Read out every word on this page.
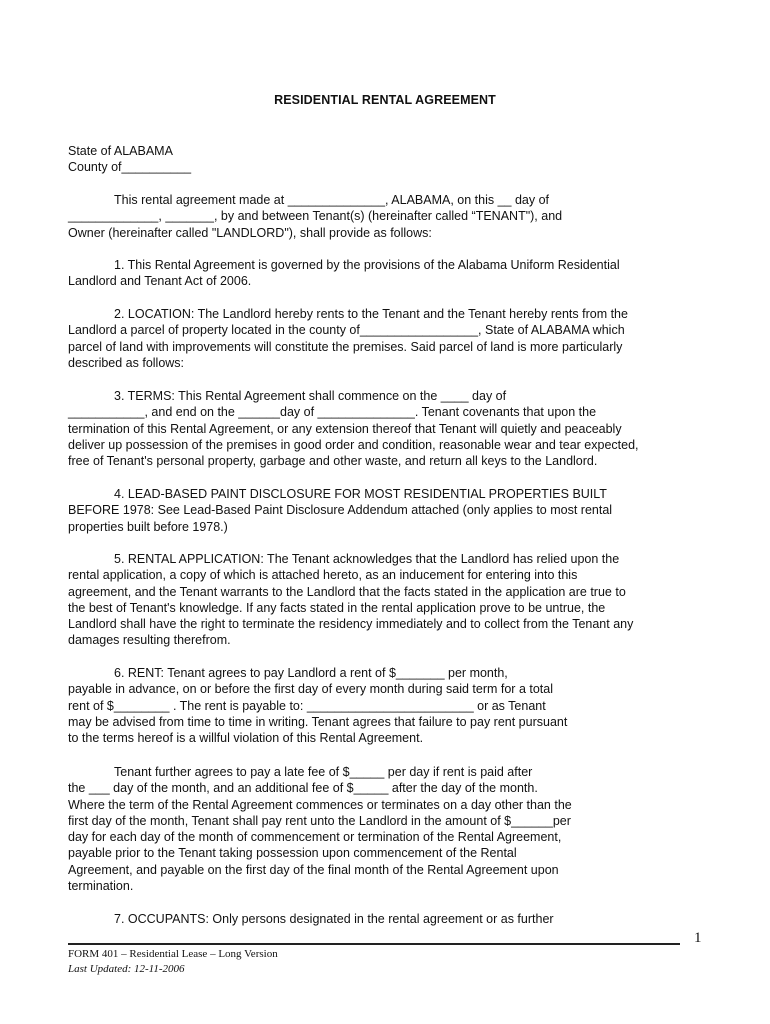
RESIDENTIAL RENTAL AGREEMENT
State of ALABAMA
County of__________
This rental agreement made at ______________, ALABAMA, on this __ day of
_____________, _______, by and between Tenant(s) (hereinafter called “TENANT"), and
Owner (hereinafter called "LANDLORD"), shall provide as follows:
1. This Rental Agreement is governed by the provisions of the Alabama Uniform Residential
Landlord and Tenant Act of 2006.
2. LOCATION: The Landlord hereby rents to the Tenant and the Tenant hereby rents from the
Landlord a parcel of property located in the county of_________________, State of ALABAMA which
parcel of land with improvements will constitute the premises. Said parcel of land is more particularly
described as follows:
3. TERMS: This Rental Agreement shall commence on the ____ day of
___________, and end on the ______day of ______________. Tenant covenants that upon the
termination of this Rental Agreement, or any extension thereof that Tenant will quietly and peaceably
deliver up possession of the premises in good order and condition, reasonable wear and tear expected,
free of Tenant's personal property, garbage and other waste, and return all keys to the Landlord.
4. LEAD-BASED PAINT DISCLOSURE FOR MOST RESIDENTIAL PROPERTIES BUILT
BEFORE 1978: See Lead-Based Paint Disclosure Addendum attached (only applies to most rental
properties built before 1978.)
5. RENTAL APPLICATION: The Tenant acknowledges that the Landlord has relied upon the
rental application, a copy of which is attached hereto, as an inducement for entering into this
agreement, and the Tenant warrants to the Landlord that the facts stated in the application are true to
the best of Tenant's knowledge. If any facts stated in the rental application prove to be untrue, the
Landlord shall have the right to terminate the residency immediately and to collect from the Tenant any
damages resulting therefrom.
6. RENT: Tenant agrees to pay Landlord a rent of $_______ per month,
payable in advance, on or before the first day of every month during said term for a total
rent of $________ . The rent is payable to: ________________________ or as Tenant
may be advised from time to time in writing. Tenant agrees that failure to pay rent pursuant
to the terms hereof is a willful violation of this Rental Agreement.
Tenant further agrees to pay a late fee of $_____ per day if rent is paid after
the ___ day of the month, and an additional fee of $_____ after the day of the month.
Where the term of the Rental Agreement commences or terminates on a day other than the
first day of the month, Tenant shall pay rent unto the Landlord in the amount of $______per
day for each day of the month of commencement or termination of the Rental Agreement,
payable prior to the Tenant taking possession upon commencement of the Rental
Agreement, and payable on the first day of the final month of the Rental Agreement upon
termination.
7. OCCUPANTS: Only persons designated in the rental agreement or as further
1
FORM 401 – Residential Lease – Long Version
Last Updated: 12-11-2006
